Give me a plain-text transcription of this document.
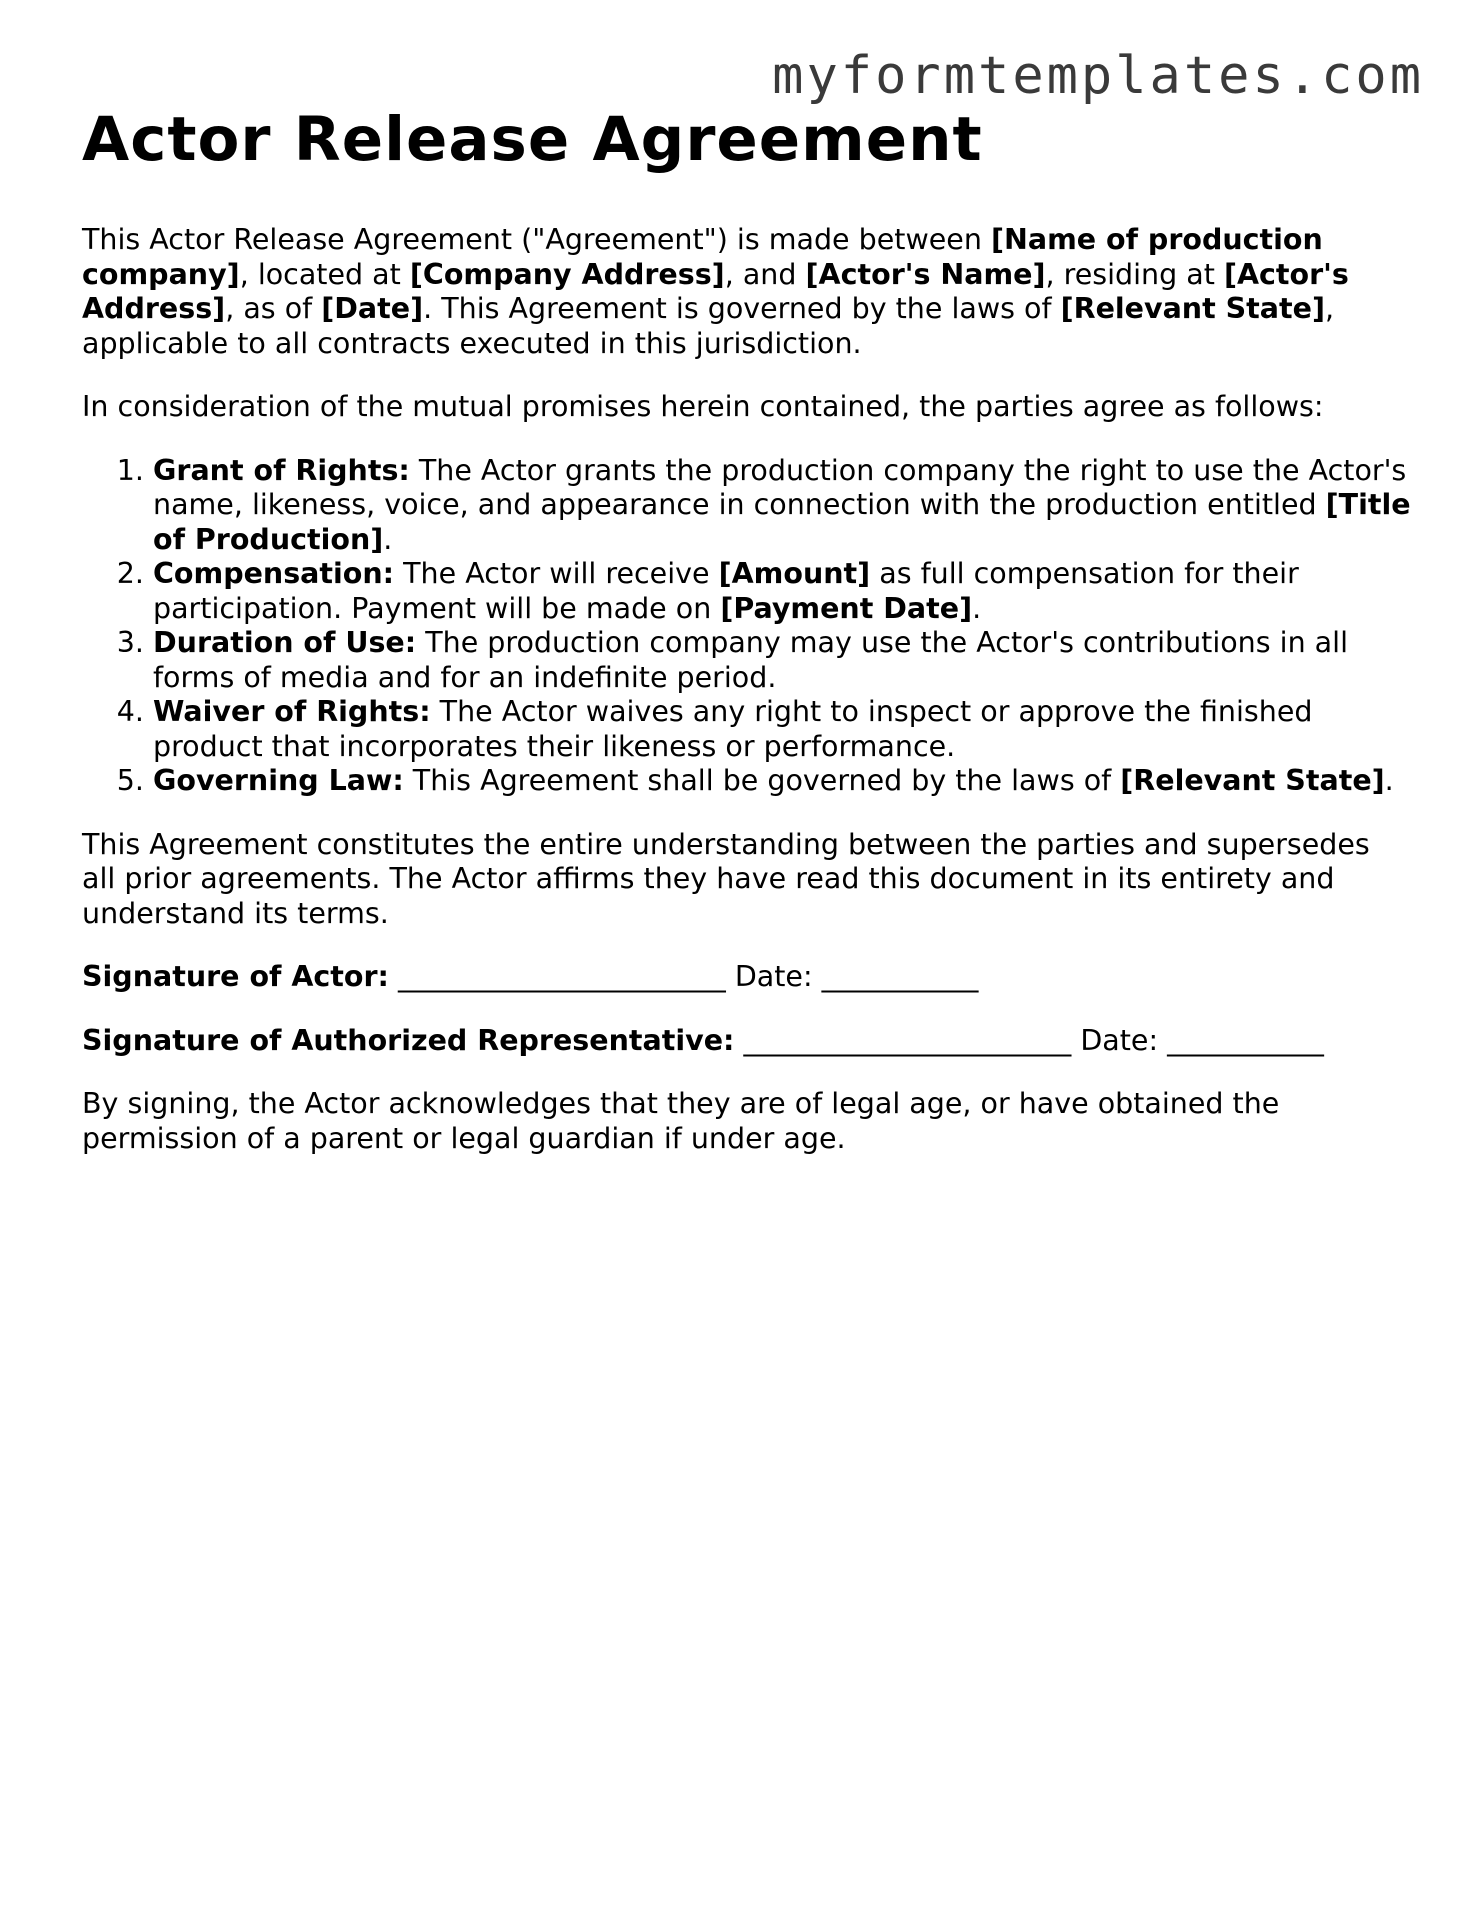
myformtemplates.com
Actor Release Agreement

This Actor Release Agreement ("Agreement") is made between [Name of production company], located at [Company Address], and [Actor's Name], residing at [Actor's Address], as of [Date]. This Agreement is governed by the laws of [Relevant State], applicable to all contracts executed in this jurisdiction.

In consideration of the mutual promises herein contained, the parties agree as follows:

1. Grant of Rights: The Actor grants the production company the right to use the Actor's name, likeness, voice, and appearance in connection with the production entitled [Title of Production].
2. Compensation: The Actor will receive [Amount] as full compensation for their participation. Payment will be made on [Payment Date].
3. Duration of Use: The production company may use the Actor's contributions in all forms of media and for an indefinite period.
4. Waiver of Rights: The Actor waives any right to inspect or approve the finished product that incorporates their likeness or performance.
5. Governing Law: This Agreement shall be governed by the laws of [Relevant State].

This Agreement constitutes the entire understanding between the parties and supersedes all prior agreements. The Actor affirms they have read this document in its entirety and understand its terms.

Signature of Actor: _______________________ Date: ___________

Signature of Authorized Representative: _______________________ Date: ___________

By signing, the Actor acknowledges that they are of legal age, or have obtained the permission of a parent or legal guardian if under age.
